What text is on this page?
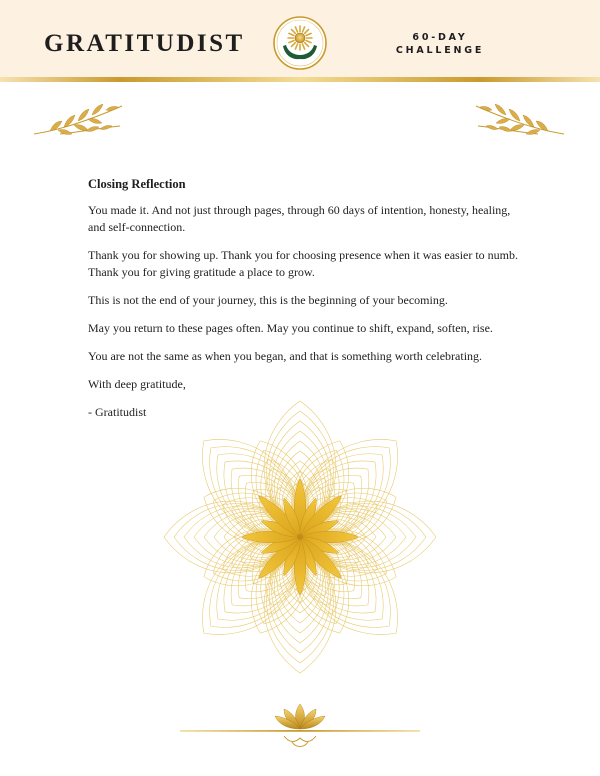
GRATITUDIST	60-DAY
CHALLENGE
Closing Reflection

You made it. And not just through pages, through 60 days of intention, honesty, healing, and self-connection.

Thank you for showing up. Thank you for choosing presence when it was easier to numb. Thank you for giving gratitude a place to grow.

This is not the end of your journey, this is the beginning of your becoming.

May you return to these pages often. May you continue to shift, expand, soften, rise.

You are not the same as when you began, and that is something worth celebrating.

With deep gratitude,

- Gratitudist
